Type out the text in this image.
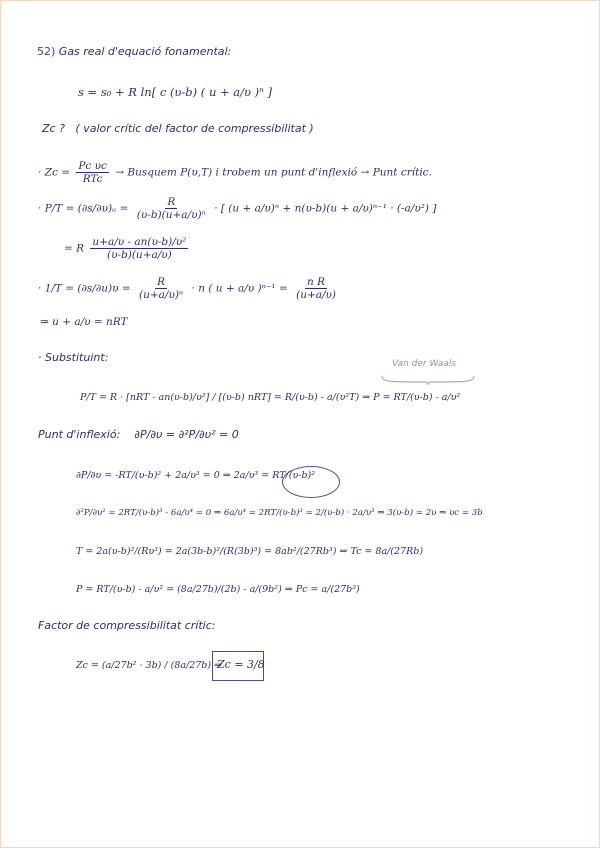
52) Gas real d'equació fonamental:
s = s₀ + R ln[ c (υ-b) ( u + a/υ )ⁿ ]
Zc ? ( valor crític del factor de compressibilitat )
· $Zc = \frac{\text{Pc υc}}{\text{RTc}}$ → Busquem P(υ,T) i trobem un punt d'inflexió → Punt crític.
· P/T = (∂s/∂υ)ᵤ = $\frac{R}{\text{(υ-b)(u+a/υ)ⁿ}}$ · [ (u + a/υ)ⁿ + n(υ-b)(u + a/υ)ⁿ⁻¹ · (-a/υ²) ]
= R $\frac{\text{u+a/υ - an(υ-b)/υ²}}{(\upsilon-b)(u+a/\upsilon)}$
· $1/T = (\partial s/\partial u)\upsilon = \frac{R}{\text{(u+a/υ)ⁿ}} \cdot n$ ( u + a/υ )$^{n-1} = \frac{\text{n R}}{(u+a/\upsilon)}$
⇒ u + a/υ = nRT
· Substituint:	Van der Waals
P/T = R · [nRT - an(υ-b)/υ²] / [(υ-b) nRT] = R/(υ-b) - a/(υ²T) ⇒ P = RT/(υ-b) - a/υ²
Punt d'inflexió: ∂P/∂υ = ∂²P/∂υ² = 0
∂P/∂υ = -RT/(υ-b)² + 2a/υ³ = 0 ⇒ 2a/υ³ = RT/(υ-b)²
∂²P/∂υ² = 2RT/(υ-b)³ - 6a/υ⁴ = 0 ⇒ 6a/υ⁴ = 2RT/(υ-b)³ = 2/(υ-b) · 2a/υ³ ⇒ 3(υ-b) = 2υ ⇒ υc = 3b
T = 2a(υ-b)²/(Rυ³) = 2a(3b-b)²/(R(3b)³) = 8ab²/(27Rb³) ⇒ Tc = 8a/(27Rb)
P = RT/(υ-b) - a/υ² = (8a/27b)/(2b) - a/(9b²) ⇒ Pc = a/(27b²)
Factor de compressibilitat crític:
Zc = (a/27b² · 3b) / (8a/27b) ⇒
Zc = 3/8
